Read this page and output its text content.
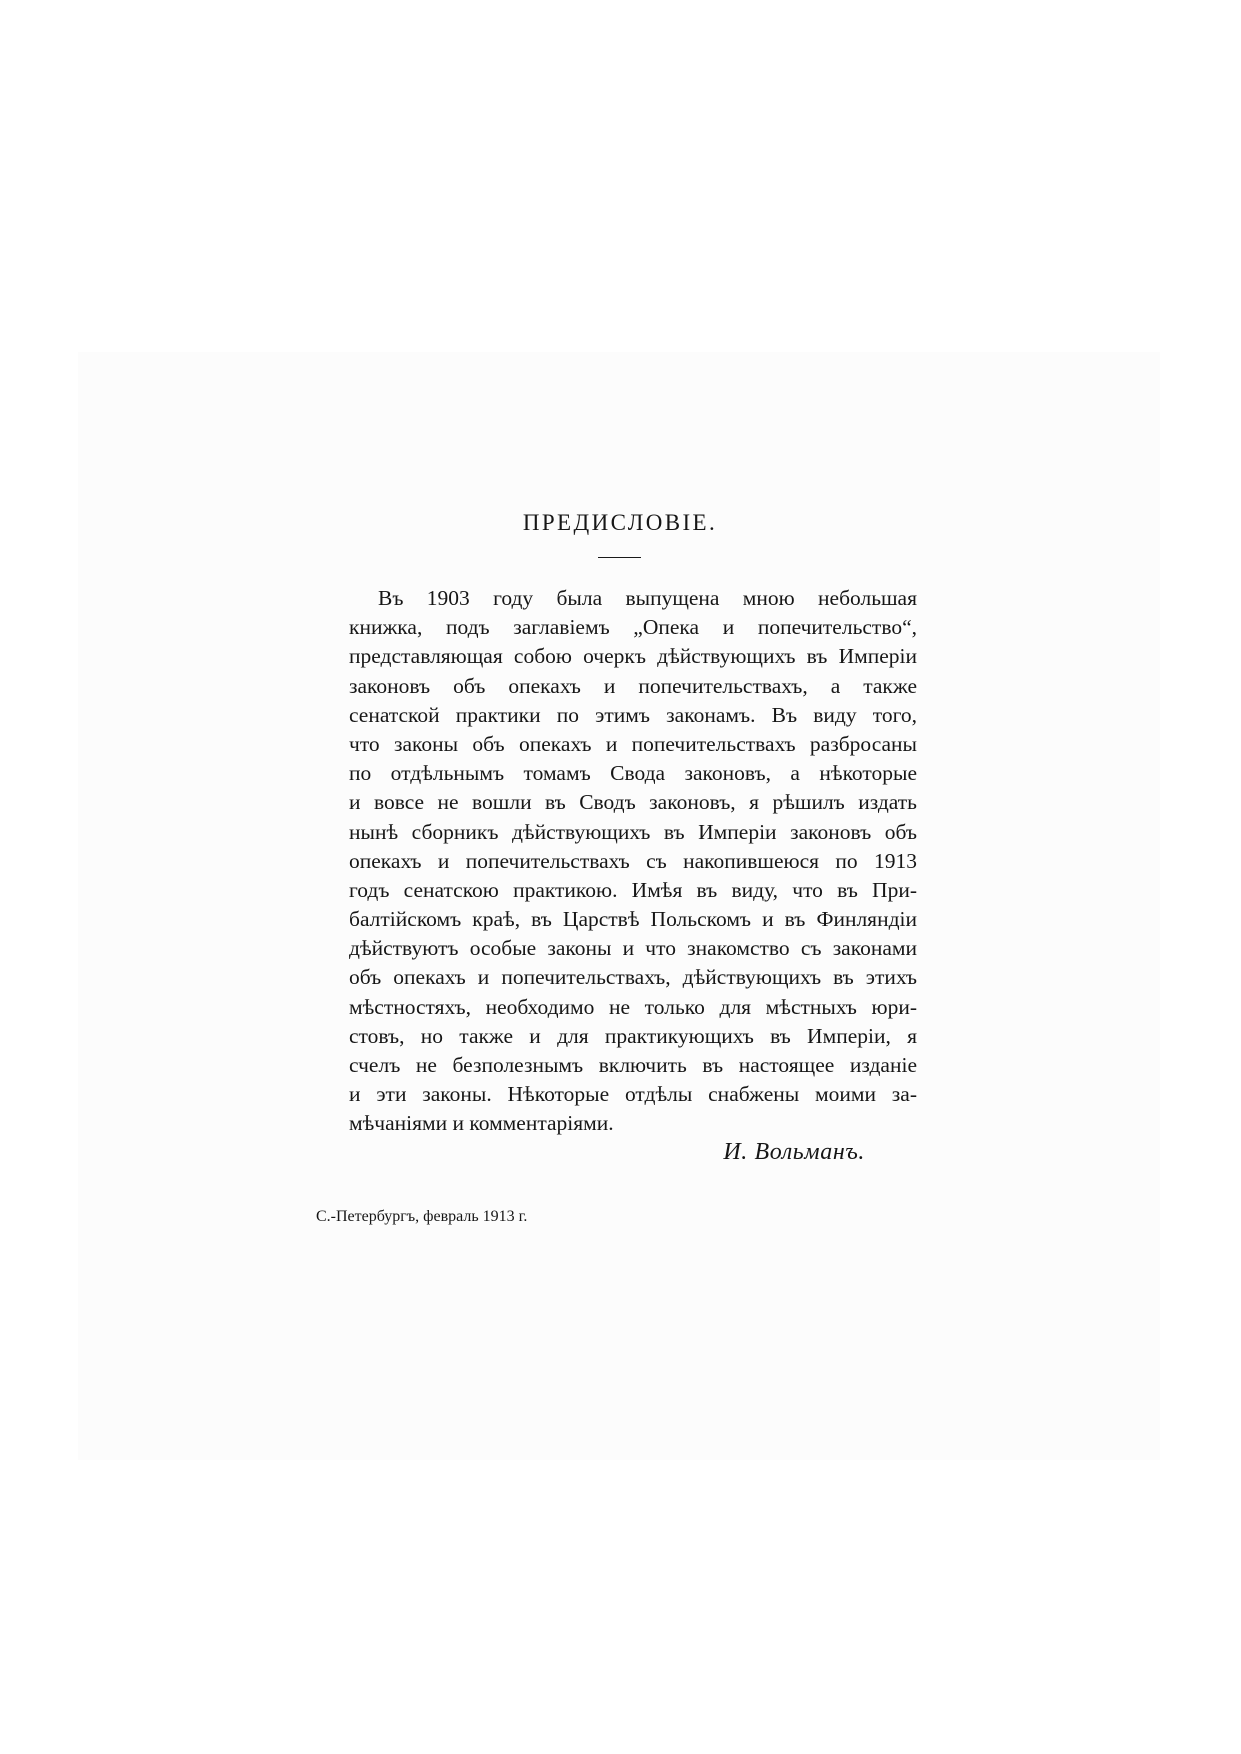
ПРЕДИСЛОВІЕ.
Въ 1903 году была выпущена мною небольшая
книжка, подъ заглавіемъ „Опека и попечительство“,
представляющая собою очеркъ дѣйствующихъ въ Имперіи
законовъ объ опекахъ и попечительствахъ, а также
сенатской практики по этимъ законамъ. Въ виду того,
что законы объ опекахъ и попечительствахъ разбросаны
по отдѣльнымъ томамъ Свода законовъ, а нѣкоторые
и вовсе не вошли въ Сводъ законовъ, я рѣшилъ издать
нынѣ сборникъ дѣйствующихъ въ Имперіи законовъ объ
опекахъ и попечительствахъ съ накопившеюся по 1913
годъ сенатскою практикою. Имѣя въ виду, что въ При-
балтійскомъ краѣ, въ Царствѣ Польскомъ и въ Финляндіи
дѣйствуютъ особые законы и что знакомство съ законами
объ опекахъ и попечительствахъ, дѣйствующихъ въ этихъ
мѣстностяхъ, необходимо не только для мѣстныхъ юри-
стовъ, но также и для практикующихъ въ Имперіи, я
счелъ не безполезнымъ включить въ настоящее изданіе
и эти законы. Нѣкоторые отдѣлы снабжены моими за-
мѣчаніями и комментаріями.
И. Вольманъ.
С.-Петербургъ, февраль 1913 г.
